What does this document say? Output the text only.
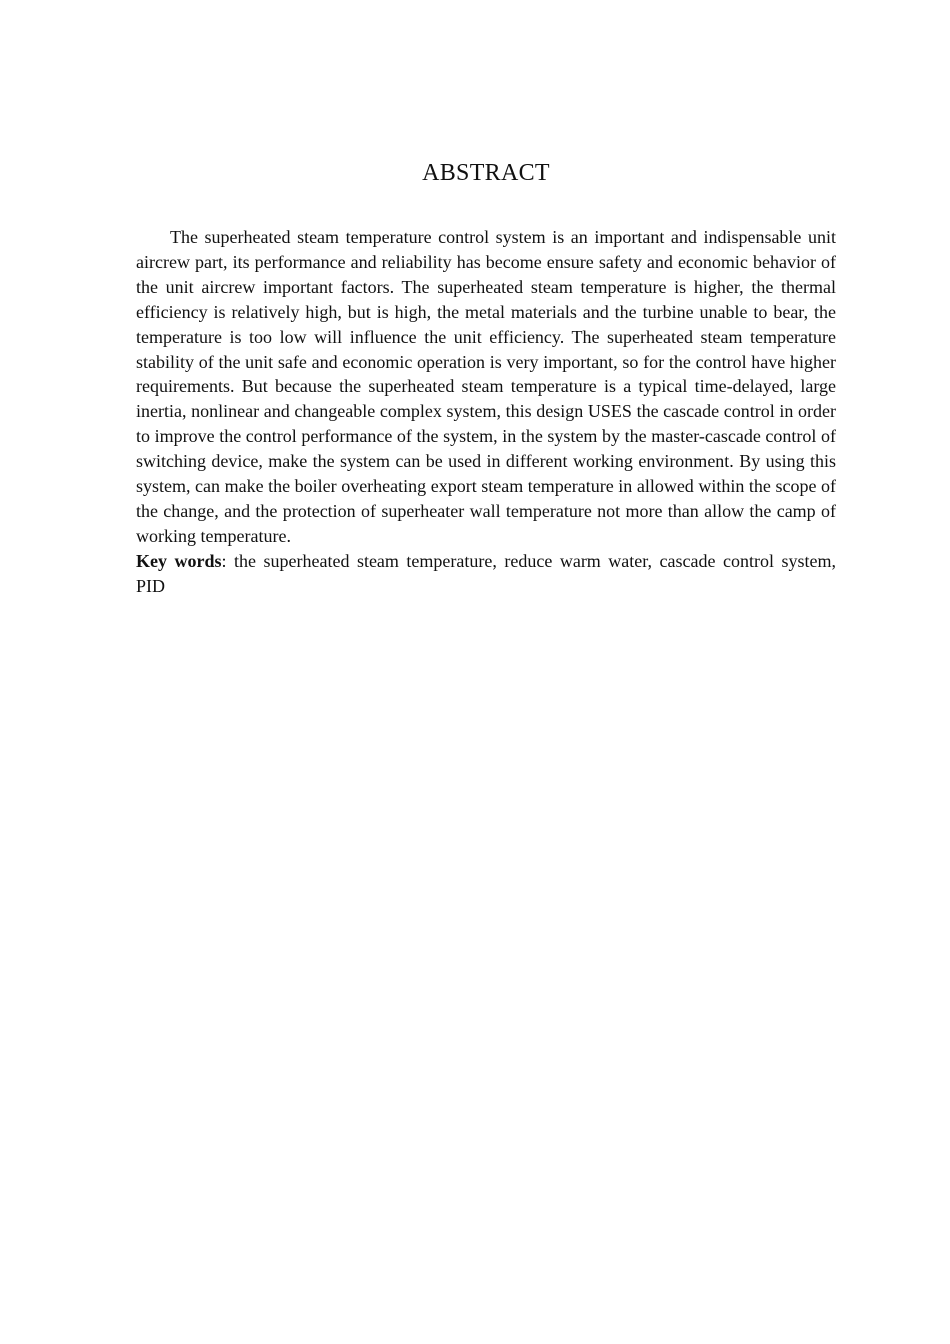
ABSTRACT

The superheated steam temperature control system is an important and indispensable unit aircrew part, its performance and reliability has become ensure safety and economic behavior of the unit aircrew important factors. The superheated steam temperature is higher, the thermal efficiency is relatively high, but is high, the metal materials and the turbine unable to bear, the temperature is too low will influence the unit efficiency. The superheated steam temperature stability of the unit safe and economic operation is very important, so for the control have higher requirements. But because the superheated steam temperature is a typical time-delayed, large inertia, nonlinear and changeable complex system, this design USES the cascade control in order to improve the control performance of the system, in the system by the master-cascade control of switching device, make the system can be used in different working environment. By using this system, can make the boiler overheating export steam temperature in allowed within the scope of the change, and the protection of superheater wall temperature not more than allow the camp of working temperature.

Key words: the superheated steam temperature, reduce warm water, cascade control system, PID
